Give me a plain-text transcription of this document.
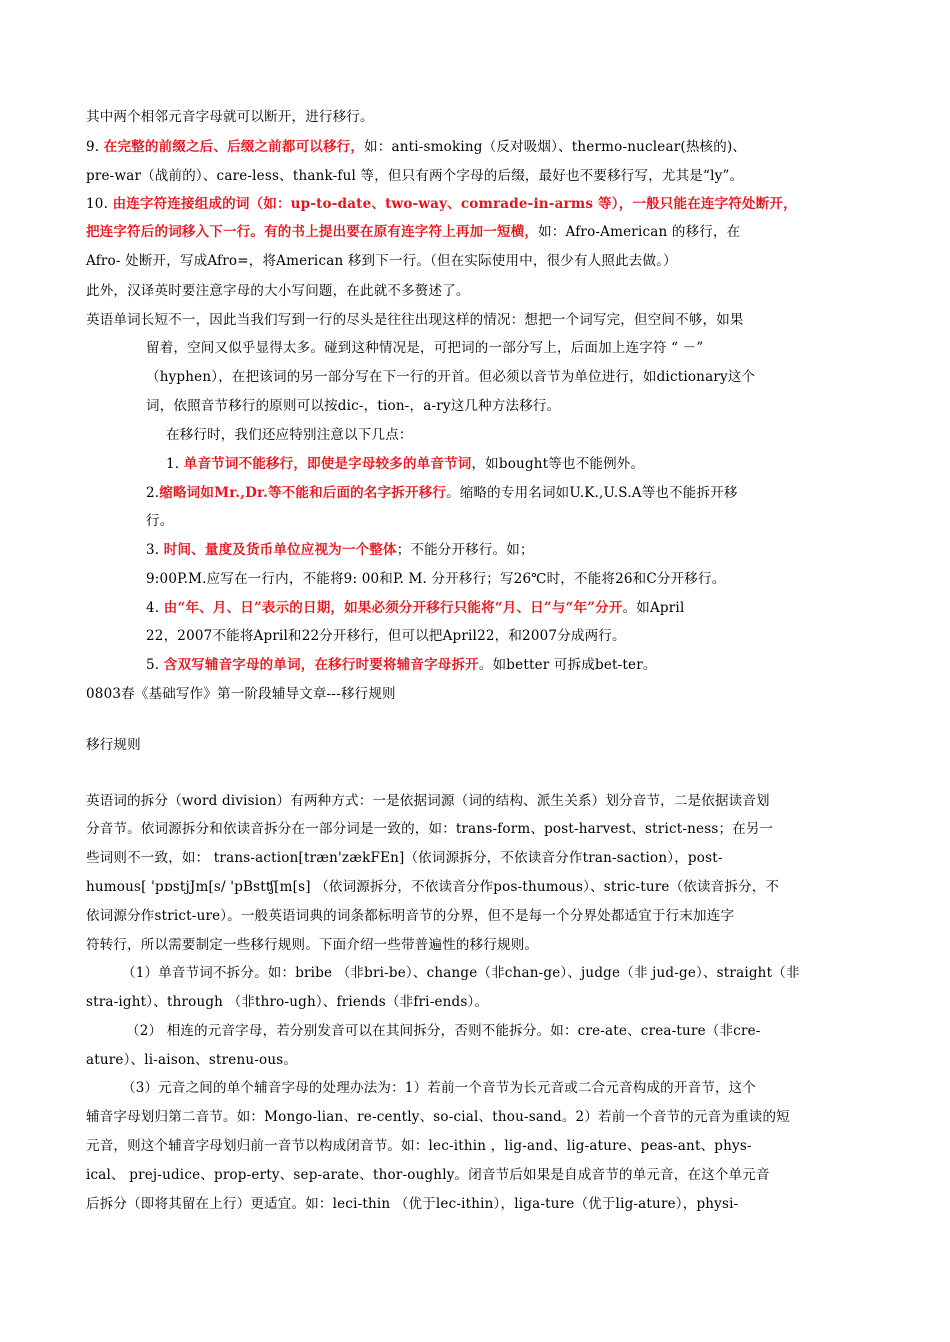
其中两个相邻元音字母就可以断开，进行移行。
9. 在完整的前缀之后、后缀之前都可以移行，如：anti-smoking（反对吸烟）、thermo-nuclear(热核的)、
pre-war（战前的）、care-less、thank-ful 等，但只有两个字母的后缀，最好也不要移行写，尤其是“ly”。
10. 由连字符连接组成的词（如：up-to-date、two-way、comrade-in-arms 等），一般只能在连字符处断开，
把连字符后的词移入下一行。有的书上提出要在原有连字符上再加一短横，如：Afro-American 的移行，在
Afro- 处断开，写成Afro=，将American 移到下一行。（但在实际使用中，很少有人照此去做。）
此外，汉译英时要注意字母的大小写问题，在此就不多赘述了。
英语单词长短不一，因此当我们写到一行的尽头是往往出现这样的情况：想把一个词写完，但空间不够，如果
留着，空间又似乎显得太多。碰到这种情况是，可把词的一部分写上，后面加上连字符 “ －”
（hyphen），在把该词的另一部分写在下一行的开首。但必须以音节为单位进行，如dictionary这个
词，依照音节移行的原则可以按dic-，tion-，a-ry这几种方法移行。
在移行时，我们还应特别注意以下几点：
1. 单音节词不能移行，即使是字母较多的单音节词，如bought等也不能例外。
2.缩略词如Mr.,Dr.等不能和后面的名字拆开移行。缩略的专用名词如U.K.,U.S.A等也不能拆开移
行。
3. 时间、量度及货币单位应视为一个整体；不能分开移行。如；
9:00P.M.应写在一行内，不能将9: 00和P. M. 分开移行；写26℃时，不能将26和C分开移行。
4. 由“年、月、日”表示的日期，如果必须分开移行只能将“月、日”与“年”分开。如April
22，2007不能将April和22分开移行，但可以把April22，和2007分成两行。
5. 含双写辅音字母的单词，在移行时要将辅音字母拆开。如better 可拆成bet-ter。
0803春《基础写作》第一阶段辅导文章---移行规则
移行规则
英语词的拆分（word division）有两种方式：一是依据词源（词的结构、派生关系）划分音节，二是依据读音划
分音节。依词源拆分和依读音拆分在一部分词是一致的，如：trans-form、post-harvest、strict-ness；在另一
些词则不一致，如： trans-action[træn'zækFEn]（依词源拆分，不依读音分作tran-saction），post-
humous[ 'pɒstjJm[s/ 'pBstʧ[m[s] （依词源拆分，不依读音分作pos-thumous）、stric-ture（依读音拆分，不
依词源分作strict-ure）。一般英语词典的词条都标明音节的分界，但不是每一个分界处都适宜于行末加连字
符转行，所以需要制定一些移行规则。下面介绍一些带普遍性的移行规则。
（1）单音节词不拆分。如：bribe （非bri-be）、change（非chan-ge）、judge（非 jud-ge）、straight（非
stra-ight）、through （非thro-ugh）、friends（非fri-ends）。
（2） 相连的元音字母，若分别发音可以在其间拆分，否则不能拆分。如：cre-ate、crea-ture（非cre-
ature）、li-aison、strenu-ous。
（3）元音之间的单个辅音字母的处理办法为：1）若前一个音节为长元音或二合元音构成的开音节，这个
辅音字母划归第二音节。如：Mongo-lian、re-cently、so-cial、thou-sand。2）若前一个音节的元音为重读的短
元音，则这个辅音字母划归前一音节以构成闭音节。如：lec-ithin ，lig-and、lig-ature、peas-ant、phys-
ical、 prej-udice、prop-erty、sep-arate、thor-oughly。闭音节后如果是自成音节的单元音，在这个单元音
后拆分（即将其留在上行）更适宜。如：leci-thin （优于lec-ithin），liga-ture（优于lig-ature），physi-
